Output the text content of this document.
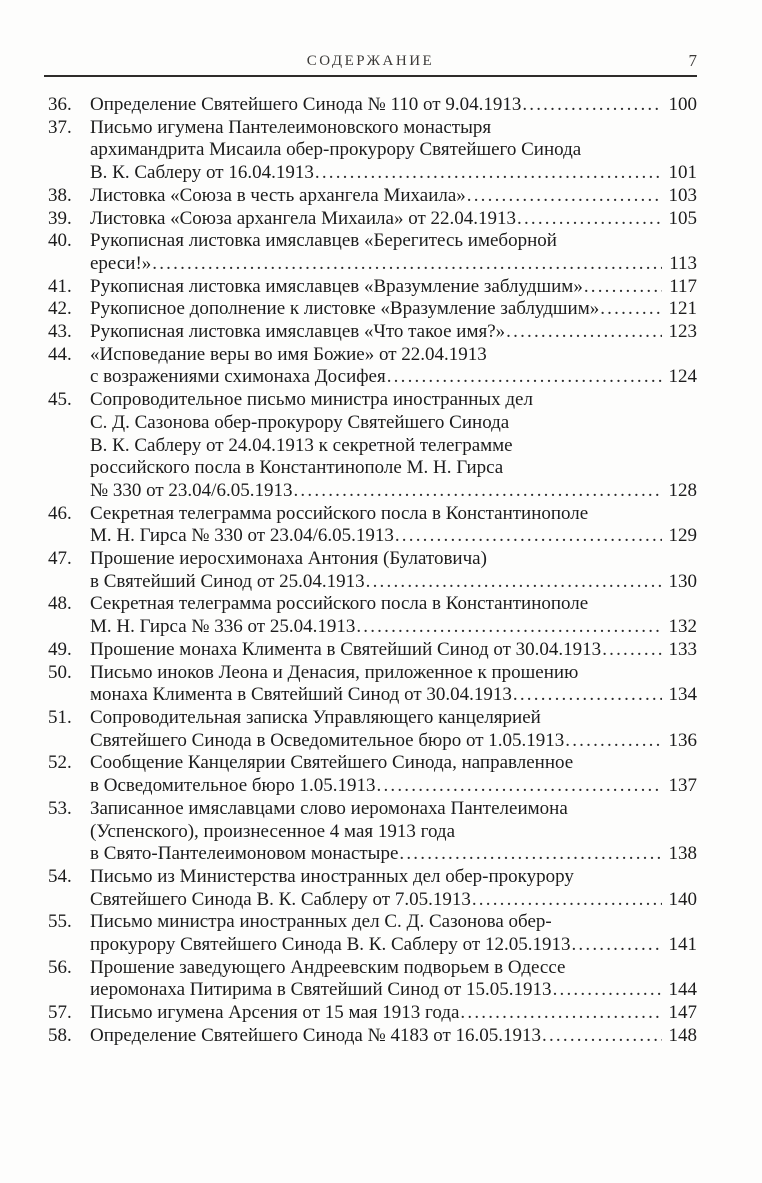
СОДЕРЖАНИЕ	7
36. Определение Святейшего Синода № 110 от 9.04.1913 .....	100
37. Письмо игумена Пантелеимоновского монастыря
архимандрита Мисаила обер-прокурору Святейшего Синода
В. К. Саблеру от 16.04.1913 .....	101
38. Листовка «Союза в честь архангела Михаила» .....	103
39. Листовка «Союза архангела Михаила» от 22.04.1913 .....	105
40. Рукописная листовка имяславцев «Берегитесь имеборной
ереси!» .....	113
41. Рукописная листовка имяславцев «Вразумление заблудшим» .....	117
42. Рукописное дополнение к листовке «Вразумление заблудшим» .....	121
43. Рукописная листовка имяславцев «Что такое имя?» .....	123
44. «Исповедание веры во имя Божие» от 22.04.1913
с возражениями схимонаха Досифея .....	124
45. Сопроводительное письмо министра иностранных дел
С. Д. Сазонова обер-прокурору Святейшего Синода
В. К. Саблеру от 24.04.1913 к секретной телеграмме
российского посла в Константинополе М. Н. Гирса
№ 330 от 23.04/6.05.1913 .....	128
46. Секретная телеграмма российского посла в Константинополе
М. Н. Гирса № 330 от 23.04/6.05.1913 .....	129
47. Прошение иеросхимонаха Антония (Булатовича)
в Святейший Синод от 25.04.1913 .....	130
48. Секретная телеграмма российского посла в Константинополе
М. Н. Гирса № 336 от 25.04.1913 .....	132
49. Прошение монаха Климента в Святейший Синод от 30.04.1913 .....	133
50. Письмо иноков Леона и Денасия, приложенное к прошению
монаха Климента в Святейший Синод от 30.04.1913 .....	134
51. Сопроводительная записка Управляющего канцелярией
Святейшего Синода в Осведомительное бюро от 1.05.1913 .....	136
52. Сообщение Канцелярии Святейшего Синода, направленное
в Осведомительное бюро 1.05.1913 .....	137
53. Записанное имяславцами слово иеромонаха Пантелеимона
(Успенского), произнесенное 4 мая 1913 года
в Свято-Пантелеимоновом монастыре .....	138
54. Письмо из Министерства иностранных дел обер-прокурору
Святейшего Синода В. К. Саблеру от 7.05.1913 .....	140
55. Письмо министра иностранных дел С. Д. Сазонова обер-
прокурору Святейшего Синода В. К. Саблеру от 12.05.1913 .....	141
56. Прошение заведующего Андреевским подворьем в Одессе
иеромонаха Питирима в Святейший Синод от 15.05.1913 .....	144
57. Письмо игумена Арсения от 15 мая 1913 года .....	147
58. Определение Святейшего Синода № 4183 от 16.05.1913 .....	148
